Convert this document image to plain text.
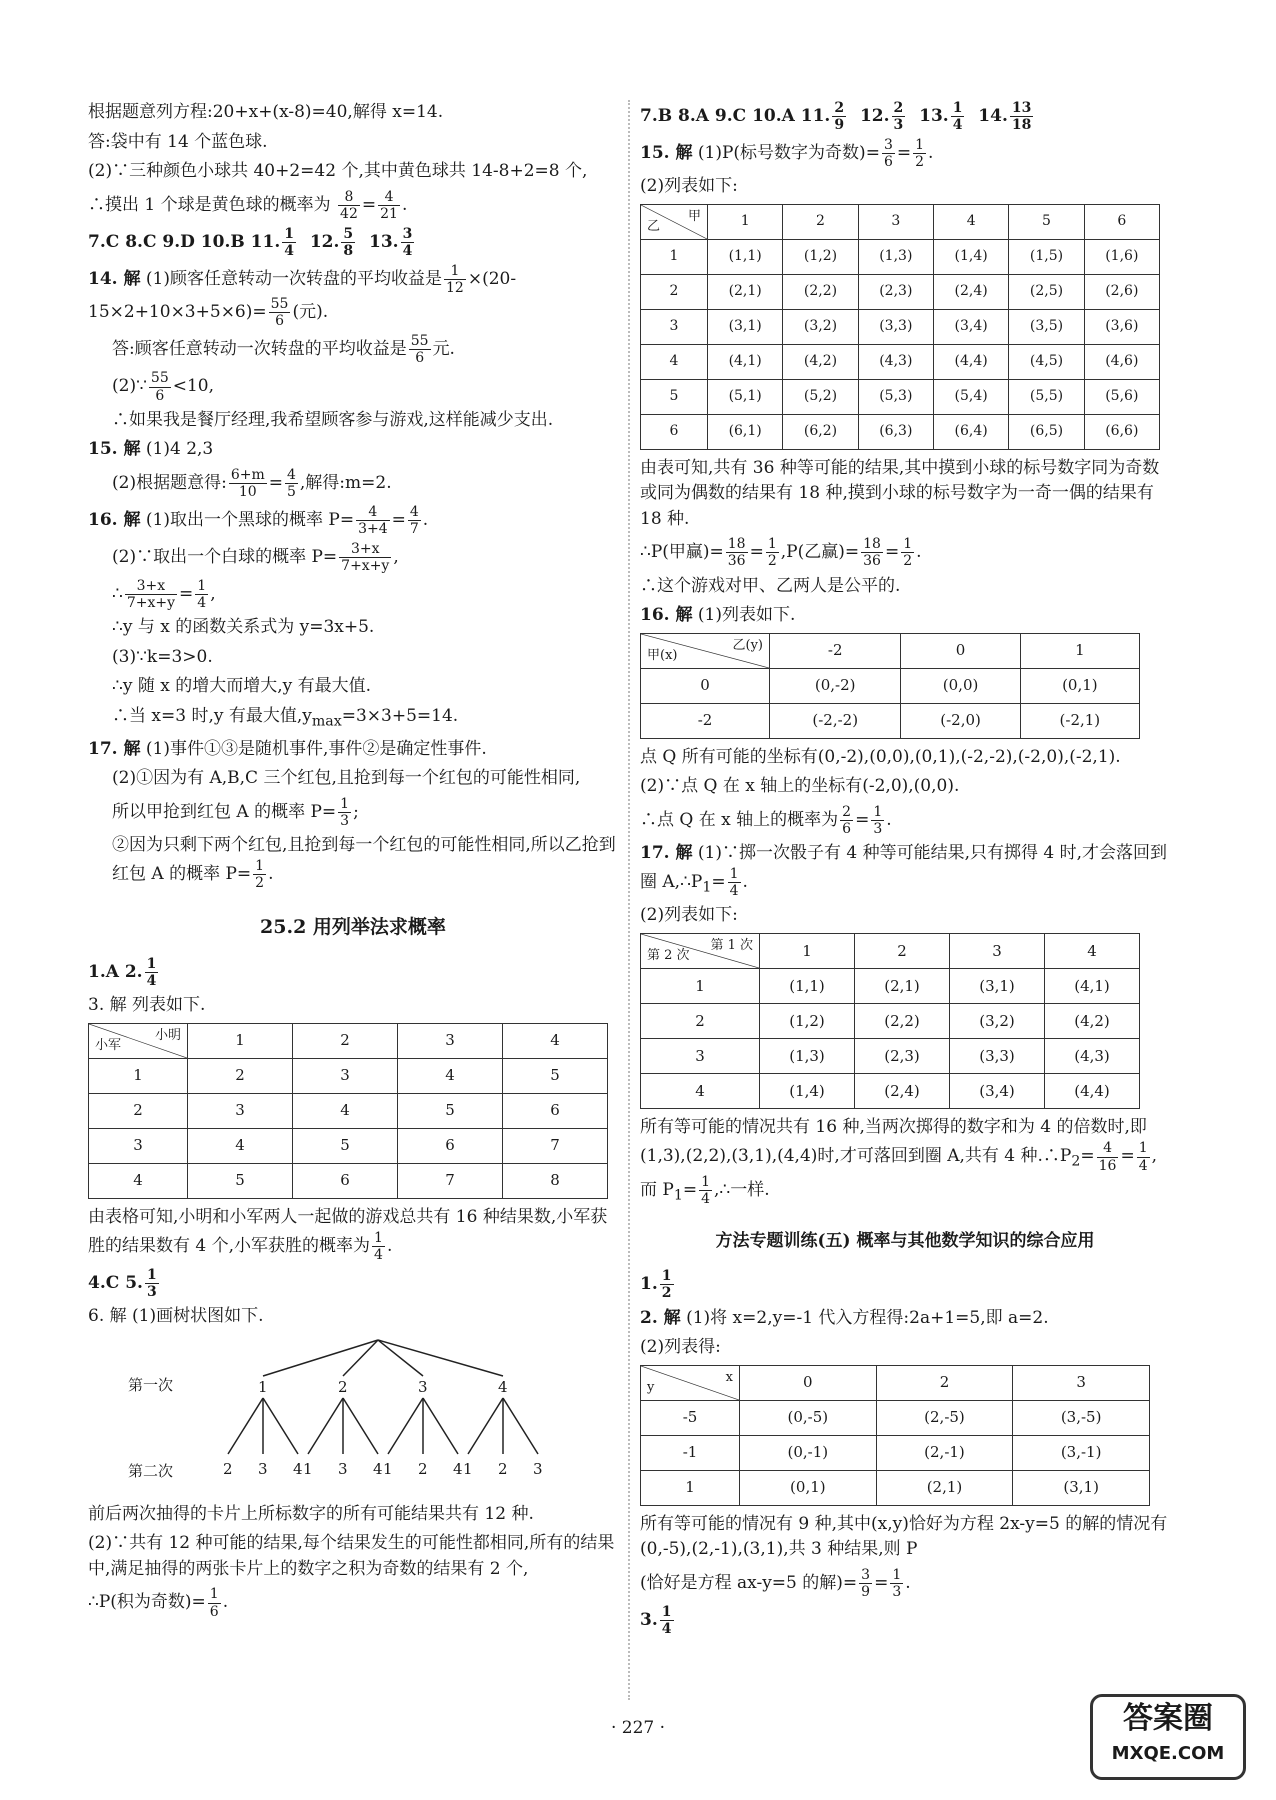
根据题意列方程:20+x+(x-8)=40,解得 x=14.

答:袋中有 14 个蓝色球.

(2)∵三种颜色小球共 40+2=42 个,其中黄色球共 14-8+2=8 个,

∴摸出 1 个球是黄色球的概率为 $\frac{8}{42} = \frac{4}{21}$ .

7.C 8.C 9.D 10.B 11. $\frac{1}{4} 12$. $\frac{5}{8} 13$. $\frac{3}{4}$

14. 解 (1)顾客任意转动一次转盘的平均收益是 $\frac{1}{12} \times(20-15\times 2+10\times 3+5\times 6)= \frac{55}{6}$ (元).

答:顾客任意转动一次转盘的平均收益是 $\frac{55}{6}$ 元.

(2)∵ $\frac{55}{6} <10$,

∴如果我是餐厅经理,我希望顾客参与游戏,这样能减少支出.

15. 解 (1)4 2,3

(2)根据题意得: $\frac{6+m}{10} = \frac{4}{5}$ ,解得:m=2.

16. 解 (1)取出一个黑球的概率 $P= \frac{4}{3+4} = \frac{4}{7}$ .

(2)∵取出一个白球的概率 $P= \frac{3+x}{7+x+y}$ ,

∴ $\frac{3+x}{7+x+y} = \frac{1}{4}$ ,

∴y 与 x 的函数关系式为 y=3x+5.

(3)∵k=3>0.

∴y 随 x 的增大而增大,y 有最大值.

∴当 x=3 时,y 有最大值$,y_{max}=3\times 3+5=14$.

17. 解 (1)事件①③是随机事件,事件②是确定性事件.

(2)①因为有 A,B,C 三个红包,且抢到每一个红包的可能性相同,

所以甲抢到红包 A 的概率 $P= \frac{1}{3}$ ;

②因为只剩下两个红包,且抢到每一个红包的可能性相同,所以乙抢到红包 A 的概率 $P= \frac{1}{2}$ .

25.2 用列举法求概率

1.A 2. $\frac{1}{4}$

3. 解 列表如下.

小明
小军	1	2	3	4
1	2	3	4	5
2	3	4	5	6
3	4	5	6	7
4	5	6	7	8

由表格可知,小明和小军两人一起做的游戏总共有 16 种结果数,小军获胜的结果数有 4 个,小军获胜的概率为 $\frac{1}{4}$ .

4.C 5. $\frac{1}{3}$

6. 解 (1)画树状图如下.

第一次
第二次
1	2	3	4
2 3 4 1 3 4 1 2 4 1 2 3

前后两次抽得的卡片上所标数字的所有可能结果共有 12 种.

(2)∵共有 12 种可能的结果,每个结果发生的可能性都相同,所有的结果中,满足抽得的两张卡片上的数字之积为奇数的结果有 2 个,

∴P(积为奇数)= $\frac{1}{6}$ .

7.B 8.A 9.C 10.A 11. $\frac{2}{9} 12$. $\frac{2}{3} 13$. $\frac{1}{4} 14$. $\frac{13}{18}$

15. 解 (1)P(标号数字为奇数)= $\frac{3}{6} = \frac{1}{2}$ .

(2)列表如下:

甲
乙	1	2	3	4	5	6
1	(1,1)	(1,2)	(1,3)	(1,4)	(1,5)	(1,6)
2	(2,1)	(2,2)	(2,3)	(2,4)	(2,5)	(2,6)
3	(3,1)	(3,2)	(3,3)	(3,4)	(3,5)	(3,6)
4	(4,1)	(4,2)	(4,3)	(4,4)	(4,5)	(4,6)
5	(5,1)	(5,2)	(5,3)	(5,4)	(5,5)	(5,6)
6	(6,1)	(6,2)	(6,3)	(6,4)	(6,5)	(6,6)

由表可知,共有 36 种等可能的结果,其中摸到小球的标号数字同为奇数或同为偶数的结果有 18 种,摸到小球的标号数字为一奇一偶的结果有 18 种.

∴P(甲赢)= $\frac{18}{36} = \frac{1}{2} ,P$(乙赢)= $\frac{18}{36} = \frac{1}{2}$ .

∴这个游戏对甲、乙两人是公平的.

16. 解 (1)列表如下.

乙(y)
甲(x)	-2	0	1
0	(0,-2)	(0,0)	(0,1)
-2	(-2,-2)	(-2,0)	(-2,1)

点 Q 所有可能的坐标有(0,-2),(0,0),(0,1),(-2,-2),(-2,0),(-2,1).

(2)∵点 Q 在 x 轴上的坐标有(-2,0),(0,0).

∴点 Q 在 x 轴上的概率为 $\frac{2}{6} = \frac{1}{3}$ .

17. 解 (1)∵掷一次骰子有 4 种等可能结果,只有掷得 4 时,才会落回到圈 $A,\therefore P_1= \frac{1}{4}$ .

(2)列表如下:

第 1 次
第 2 次	1	2	3	4
1	(1,1)	(2,1)	(3,1)	(4,1)
2	(1,2)	(2,2)	(3,2)	(4,2)
3	(1,3)	(2,3)	(3,3)	(4,3)
4	(1,4)	(2,4)	(3,4)	(4,4)

所有等可能的情况共有 16 种,当两次掷得的数字和为 4 的倍数时,即(1,3),(2,2),(3,1),(4,4)时,才可落回到圈 A,共有 4 种$.\therefore P_2= \frac{4}{16} = \frac{1}{4}$ ,而 $P_1= \frac{1}{4}$ ,∴一样.

方法专题训练(五) 概率与其他数学知识的综合应用

1. $\frac{1}{2}$

2. 解 (1)将 x=2,y=-1 代入方程得:2a+1=5,即 a=2.

(2)列表得:

x
y	0	2	3
-5	(0,-5)	(2,-5)	(3,-5)
-1	(0,-1)	(2,-1)	(3,-1)
1	(0,1)	(2,1)	(3,1)

所有等可能的情况有 9 种,其中(x,y)恰好为方程 2x-y=5 的解的情况有(0,-5),(2,-1),(3,1),共 3 种结果,则 P

(恰好是方程 ax-y=5 的解)= $\frac{3}{9} = \frac{1}{3}$ .

3. $\frac{1}{4}$

· 227 ·	答案圈
MXQE.COM
